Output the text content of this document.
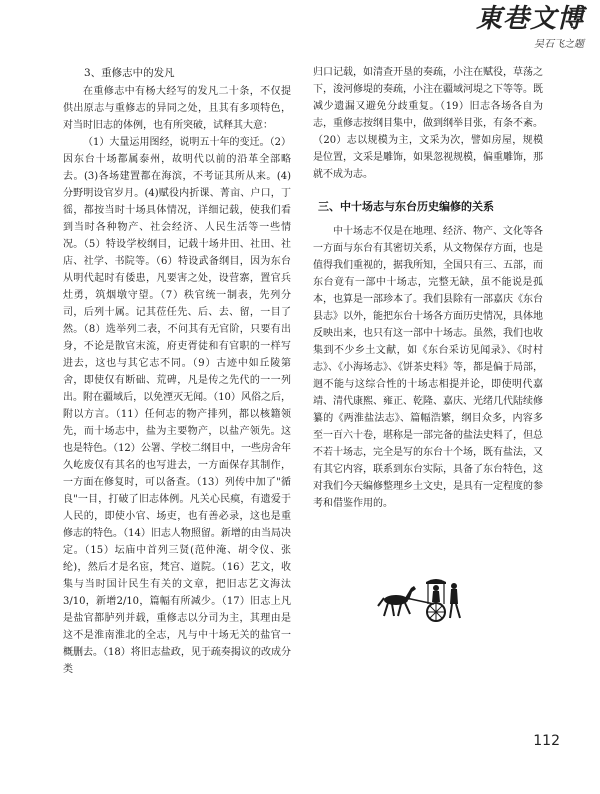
東巷文博
吴石飞之题
3、重修志中的发凡

在重修志中有杨大经写的发凡二十条，不仅提供出原志与重修志的异同之处，且其有多项特色，对当时旧志的体例，也有所突破，试释其大意：

（1）大量运用图经，说明五十年的变迁。（2）因东台十场都属泰州，故明代以前的沿革全部略去。(3)各场建置都在海滨，不考证其所从来。(4)分野明设官岁月。(4)赋役内折课、菁亩、户口，丁徭，都按当时十场具体情况，详细记载，使我们看到当时各种物产、社会经济、人民生活等一些情况。（5）特设学校纲目，记载十场井田、社田、社店、社学、书院等。（6）特设武备纲目，因为东台从明代起时有倭患，凡要害之处，设营寨，置官兵灶勇，筑烟墩守望。（7）秩官统一制表，先列分司，后列十属。记其莅任先、后、去、留，一目了然。（8）选举列二表，不问其有无官阶，只要有出身，不论是散官末流，府吏胥徒和有官职的一样写进去，这也与其它志不同。（9）古迹中如丘陵第舍，即使仅有断础、荒碑，凡是传之先代的一一列出。附在疆域后，以免湮灭无闻。（10）风俗之后，附以方言。（11）任何志的物产排列，都以核籍领先，而十场志中，盐为主要物产，以盐产领先。这也是特色。（12）公署、学校二纲目中，一些房舍年久屹废仅有其名的也写进去，一方面保存其制作，一方面在修复时，可以备查。（13）列传中加了"循良"一目，打破了旧志体例。凡关心民瘼，有遗爱于人民的，即使小官、场吏，也有善必录，这也是重修志的特色。（14）旧志人物照留。新增的由当局决定。（15）坛庙中首列三贤(范仲淹、胡令仪、张纶)，然后才是名宦，梵宫、道院。（16）艺文，收集与当时国计民生有关的文章，把旧志艺文海汰3/10，新增2/10，篇幅有所减少。（17）旧志上凡是盐官都胪列并载，重修志以分司为主，其理由是这不是淮南淮北的全志，凡与中十场无关的盐官一概删去。（18）将旧志盐政，见于疏奏揭议的改成分类

归口记载，如清查开垦的奏疏，小注在赋役，草荡之下，浚河修堤的奏疏，小注在疆域河堤之下等等。既减少遗漏又避免分歧重复。（19）旧志各场各自为志，重修志按纲目集中，做到纲举目张，有条不紊。（20）志以规模为主，文采为次，譬如房屋，规模是位置，文采是雕饰，如果忽视规模，偏重雕饰，那就不成为志。

三、中十场志与东台历史编修的关系

中十场志不仅是在地理、经济、物产、文化等各一方面与东台有其密切关系，从文物保存方面，也是值得我们重视的，据我所知，全国只有三、五部，而东台竟有一部中十场志，完整无缺，虽不能说是孤本，也算是一部珍本了。我们县除有一部嘉庆《东台县志》以外，能把东台十场各方面历史情况，具体地反映出来，也只有这一部中十场志。虽然，我们也收集到不少乡土文献，如《东台采访见闻录》、《时村志》、《小海场志》、《饼茶史料》等，都是偏于局部，迥不能与这综合性的十场志相提并论，即使明代嘉靖、清代康熙、雍正、乾隆、嘉庆、光绪几代陆续修纂的《两淮盐法志》、篇幅浩繁，纲目众多，内容多至一百六十卷，堪称是一部完备的盐法史料了，但总不若十场志，完全是写的东台十个场，既有盐法，又有其它内容，联系到东台实际，具备了东台特色，这对我们今天编修整理乡土文史，是具有一定程度的参考和借鉴作用的。

112
